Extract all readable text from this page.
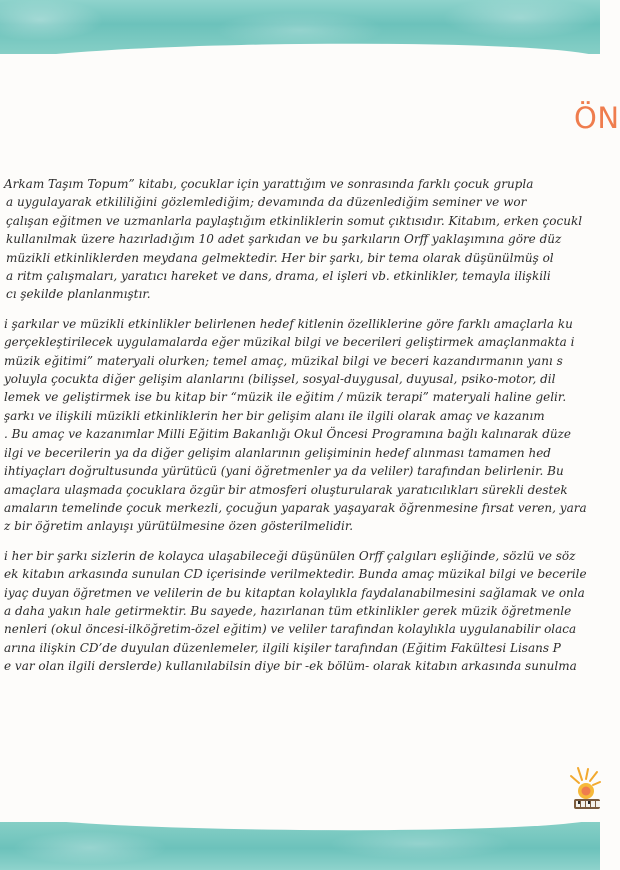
ÖN

Arkam Taşım Topum” kitabı, çocuklar için yarattığım ve sonrasında farklı çocuk grupla
a uygulayarak etkililiğini gözlemlediğim; devamında da düzenlediğim seminer ve wor
çalışan eğitmen ve uzmanlarla paylaştığım etkinliklerin somut çıktısıdır. Kitabım, erken çocukl
kullanılmak üzere hazırladığım 10 adet şarkıdan ve bu şarkıların Orff yaklaşımına göre düz
müzikli etkinliklerden meydana gelmektedir. Her bir şarkı, bir tema olarak düşünülmüş ol
a ritm çalışmaları, yaratıcı hareket ve dans, drama, el işleri vb. etkinlikler, temayla ilişkili
cı şekilde planlanmıştır.

i şarkılar ve müzikli etkinlikler belirlenen hedef kitlenin özelliklerine göre farklı amaçlarla ku
gerçekleştirilecek uygulamalarda eğer müzikal bilgi ve becerileri geliştirmek amaçlanmakta i
müzik eğitimi” materyali olurken; temel amaç, müzikal bilgi ve beceri kazandırmanın yanı s
yoluyla çocukta diğer gelişim alanlarını (bilişsel, sosyal-duygusal, duyusal, psiko-motor, dil
lemek ve geliştirmek ise bu kitap bir “müzik ile eğitim / müzik terapi” materyali haline gelir.
şarkı ve ilişkili müzikli etkinliklerin her bir gelişim alanı ile ilgili olarak amaç ve kazanım
. Bu amaç ve kazanımlar Milli Eğitim Bakanlığı Okul Öncesi Programına bağlı kalınarak düze
ilgi ve becerilerin ya da diğer gelişim alanlarının gelişiminin hedef alınması tamamen hed
ihtiyaçları doğrultusunda yürütücü (yani öğretmenler ya da veliler) tarafından belirlenir. Bu
amaçlara ulaşmada çocuklara özgür bir atmosferi oluşturularak yaratıcılıkları sürekli destek
amaların temelinde çocuk merkezli, çocuğun yaparak yaşayarak öğrenmesine fırsat veren, yara
z bir öğretim anlayışı yürütülmesine özen gösterilmelidir.

i her bir şarkı sizlerin de kolayca ulaşabileceği düşünülen Orff çalgıları eşliğinde, sözlü ve söz
ek kitabın arkasında sunulan CD içerisinde verilmektedir. Bunda amaç müzikal bilgi ve becerile
iyaç duyan öğretmen ve velilerin de bu kitaptan kolaylıkla faydalanabilmesini sağlamak ve onla
a daha yakın hale getirmektir. Bu sayede, hazırlanan tüm etkinlikler gerek müzik öğretmenle
nenleri (okul öncesi-ilköğretim-özel eğitim) ve veliler tarafından kolaylıkla uygulanabilir olaca
arına ilişkin CD’de duyulan düzenlemeler, ilgili kişiler tarafından (Eğitim Fakültesi Lisans P
e var olan ilgili derslerde) kullanılabilsin diye bir -ek bölüm- olarak kitabın arkasında sunulma
